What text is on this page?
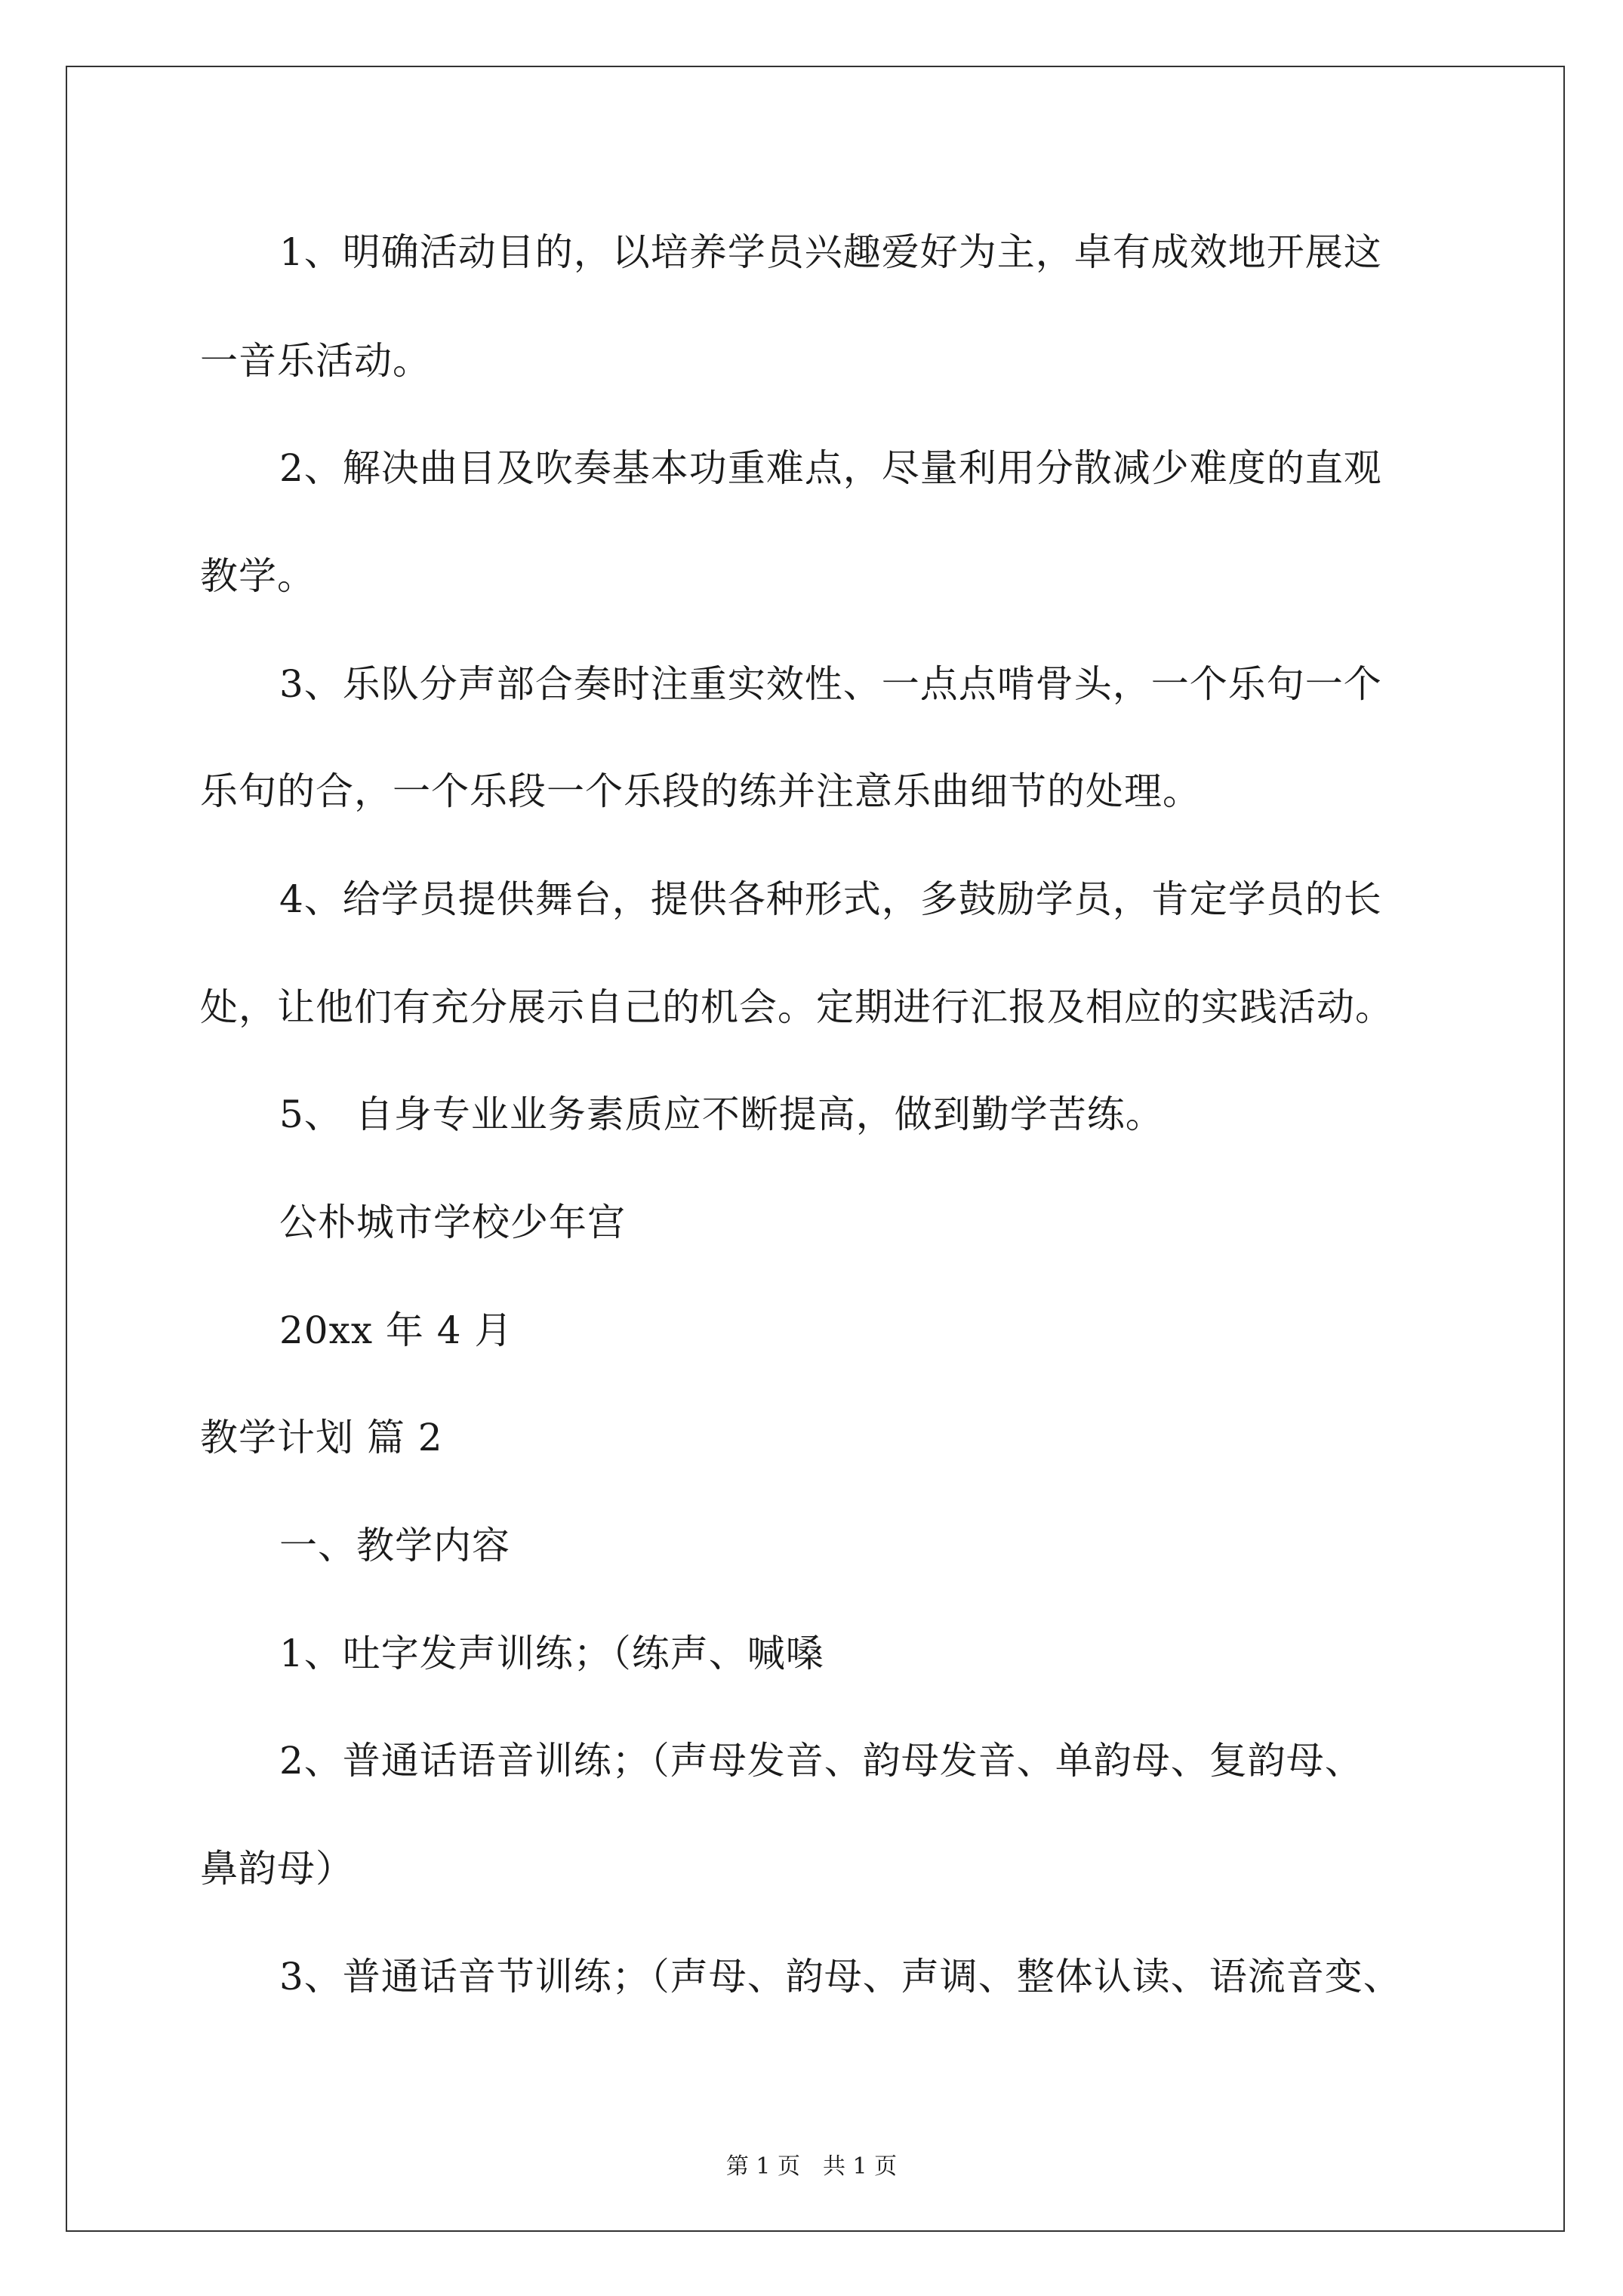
1、明确活动目的，以培养学员兴趣爱好为主，卓有成效地开展这
一音乐活动。
2、解决曲目及吹奏基本功重难点，尽量利用分散减少难度的直观
教学。
3、乐队分声部合奏时注重实效性、一点点啃骨头，一个乐句一个
乐句的合，一个乐段一个乐段的练并注意乐曲细节的处理。
4、给学员提供舞台，提供各种形式，多鼓励学员，肯定学员的长
处，让他们有充分展示自己的机会。定期进行汇报及相应的实践活动。
5、 自身专业业务素质应不断提高，做到勤学苦练。
公朴城市学校少年宫
20xx 年 4 月
教学计划 篇 2
一、教学内容
1、吐字发声训练；（练声、喊嗓
2、普通话语音训练；（声母发音、韵母发音、单韵母、复韵母、
鼻韵母）
3、普通话音节训练；（声母、韵母、声调、整体认读、语流音变、
第 1 页　共 1 页
